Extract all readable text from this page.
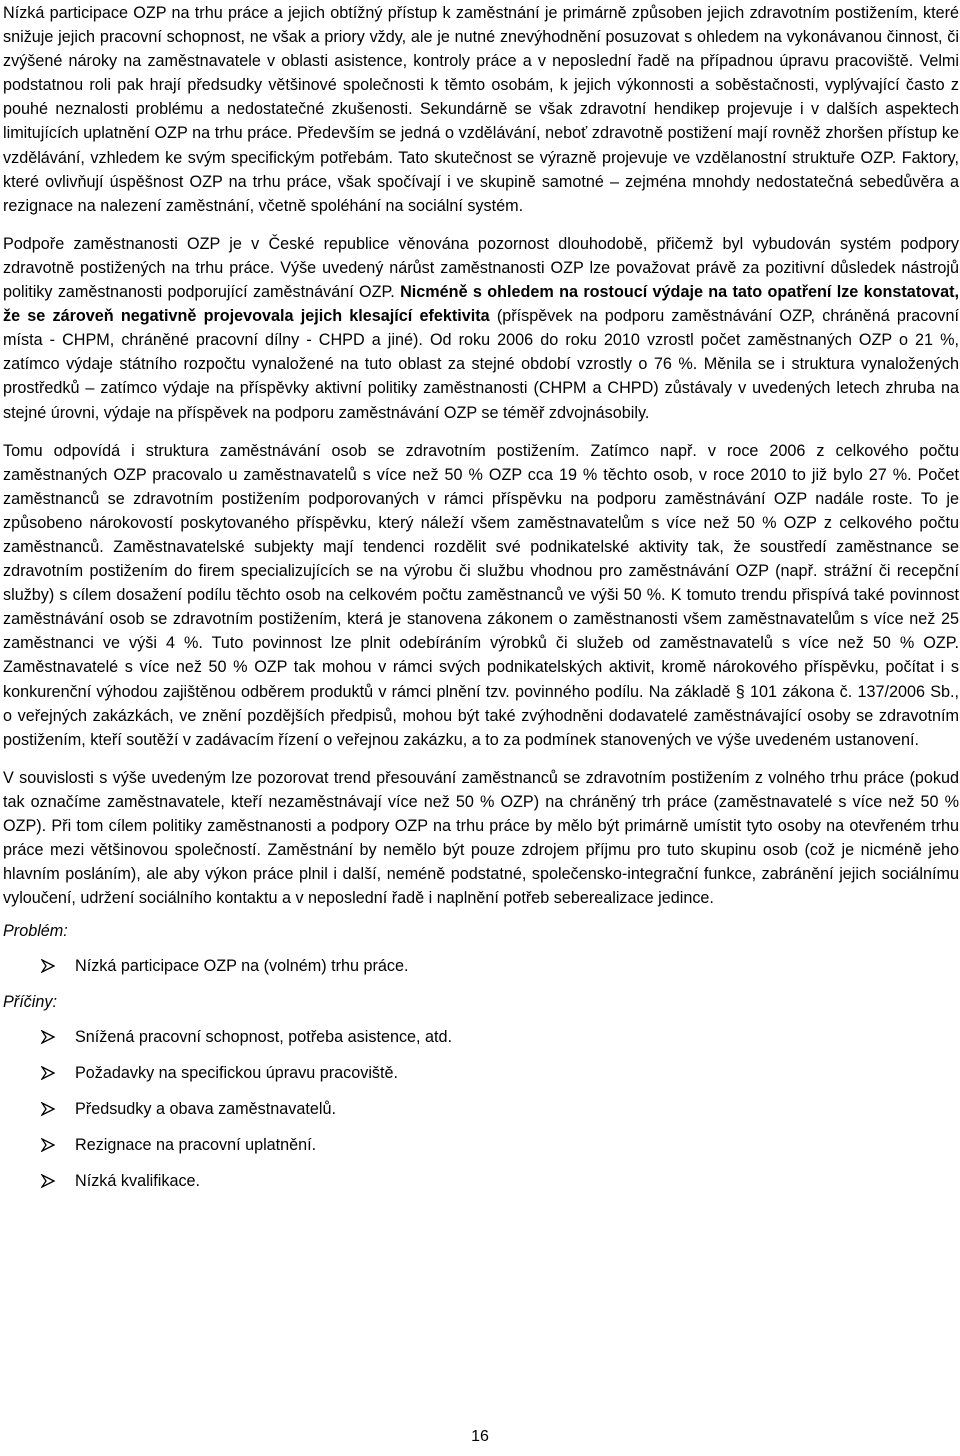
Nízká participace OZP na trhu práce a jejich obtížný přístup k zaměstnání je primárně způsoben jejich zdravotním postižením, které snižuje jejich pracovní schopnost, ne však a priory vždy, ale je nutné znevýhodnění posuzovat s ohledem na vykonávanou činnost, či zvýšené nároky na zaměstnavatele v oblasti asistence, kontroly práce a v neposlední řadě na případnou úpravu pracoviště. Velmi podstatnou roli pak hrají předsudky většinové společnosti k těmto osobám, k jejich výkonnosti a soběstačnosti, vyplývající často z pouhé neznalosti problému a nedostatečné zkušenosti. Sekundárně se však zdravotní hendikep projevuje i v dalších aspektech limitujících uplatnění OZP na trhu práce. Především se jedná o vzdělávání, neboť zdravotně postižení mají rovněž zhoršen přístup ke vzdělávání, vzhledem ke svým specifickým potřebám. Tato skutečnost se výrazně projevuje ve vzdělanostní struktuře OZP. Faktory, které ovlivňují úspěšnost OZP na trhu práce, však spočívají i ve skupině samotné – zejména mnohdy nedostatečná sebedůvěra a rezignace na nalezení zaměstnání, včetně spoléhání na sociální systém.

Podpoře zaměstnanosti OZP je v České republice věnována pozornost dlouhodobě, přičemž byl vybudován systém podpory zdravotně postižených na trhu práce. Výše uvedený nárůst zaměstnanosti OZP lze považovat právě za pozitivní důsledek nástrojů politiky zaměstnanosti podporující zaměstnávání OZP. Nicméně s ohledem na rostoucí výdaje na tato opatření lze konstatovat, že se zároveň negativně projevovala jejich klesající efektivita (příspěvek na podporu zaměstnávání OZP, chráněná pracovní místa - CHPM, chráněné pracovní dílny - CHPD a jiné). Od roku 2006 do roku 2010 vzrostl počet zaměstnaných OZP o 21 %, zatímco výdaje státního rozpočtu vynaložené na tuto oblast za stejné období vzrostly o 76 %. Měnila se i struktura vynaložených prostředků – zatímco výdaje na příspěvky aktivní politiky zaměstnanosti (CHPM a CHPD) zůstávaly v uvedených letech zhruba na stejné úrovni, výdaje na příspěvek na podporu zaměstnávání OZP se téměř zdvojnásobily.

Tomu odpovídá i struktura zaměstnávání osob se zdravotním postižením. Zatímco např. v roce 2006 z celkového počtu zaměstnaných OZP pracovalo u zaměstnavatelů s více než 50 % OZP cca 19 % těchto osob, v roce 2010 to již bylo 27 %. Počet zaměstnanců se zdravotním postižením podporovaných v rámci příspěvku na podporu zaměstnávání OZP nadále roste. To je způsobeno nárokovostí poskytovaného příspěvku, který náleží všem zaměstnavatelům s více než 50 % OZP z celkového počtu zaměstnanců. Zaměstnavatelské subjekty mají tendenci rozdělit své podnikatelské aktivity tak, že soustředí zaměstnance se zdravotním postižením do firem specializujících se na výrobu či službu vhodnou pro zaměstnávání OZP (např. strážní či recepční služby) s cílem dosažení podílu těchto osob na celkovém počtu zaměstnanců ve výši 50 %. K tomuto trendu přispívá také povinnost zaměstnávání osob se zdravotním postižením, která je stanovena zákonem o zaměstnanosti všem zaměstnavatelům s více než 25 zaměstnanci ve výši 4 %. Tuto povinnost lze plnit odebíráním výrobků či služeb od zaměstnavatelů s více než 50 % OZP. Zaměstnavatelé s více než 50 % OZP tak mohou v rámci svých podnikatelských aktivit, kromě nárokového příspěvku, počítat i s konkurenční výhodou zajištěnou odběrem produktů v rámci plnění tzv. povinného podílu. Na základě § 101 zákona č. 137/2006 Sb., o veřejných zakázkách, ve znění pozdějších předpisů, mohou být také zvýhodněni dodavatelé zaměstnávající osoby se zdravotním postižením, kteří soutěží v zadávacím řízení o veřejnou zakázku, a to za podmínek stanovených ve výše uvedeném ustanovení.

V souvislosti s výše uvedeným lze pozorovat trend přesouvání zaměstnanců se zdravotním postižením z volného trhu práce (pokud tak označíme zaměstnavatele, kteří nezaměstnávají více než 50 % OZP) na chráněný trh práce (zaměstnavatelé s více než 50 % OZP). Při tom cílem politiky zaměstnanosti a podpory OZP na trhu práce by mělo být primárně umístit tyto osoby na otevřeném trhu práce mezi většinovou společností. Zaměstnání by nemělo být pouze zdrojem příjmu pro tuto skupinu osob (což je nicméně jeho hlavním posláním), ale aby výkon práce plnil i další, neméně podstatné, společensko-integrační funkce, zabránění jejich sociálnímu vyloučení, udržení sociálního kontaktu a v neposlední řadě i naplnění potřeb seberealizace jedince.

Problém:

Nízká participace OZP na (volném) trhu práce.

Příčiny:

Snížená pracovní schopnost, potřeba asistence, atd.
Požadavky na specifickou úpravu pracoviště.
Předsudky a obava zaměstnavatelů.
Rezignace na pracovní uplatnění.
Nízká kvalifikace.
16
